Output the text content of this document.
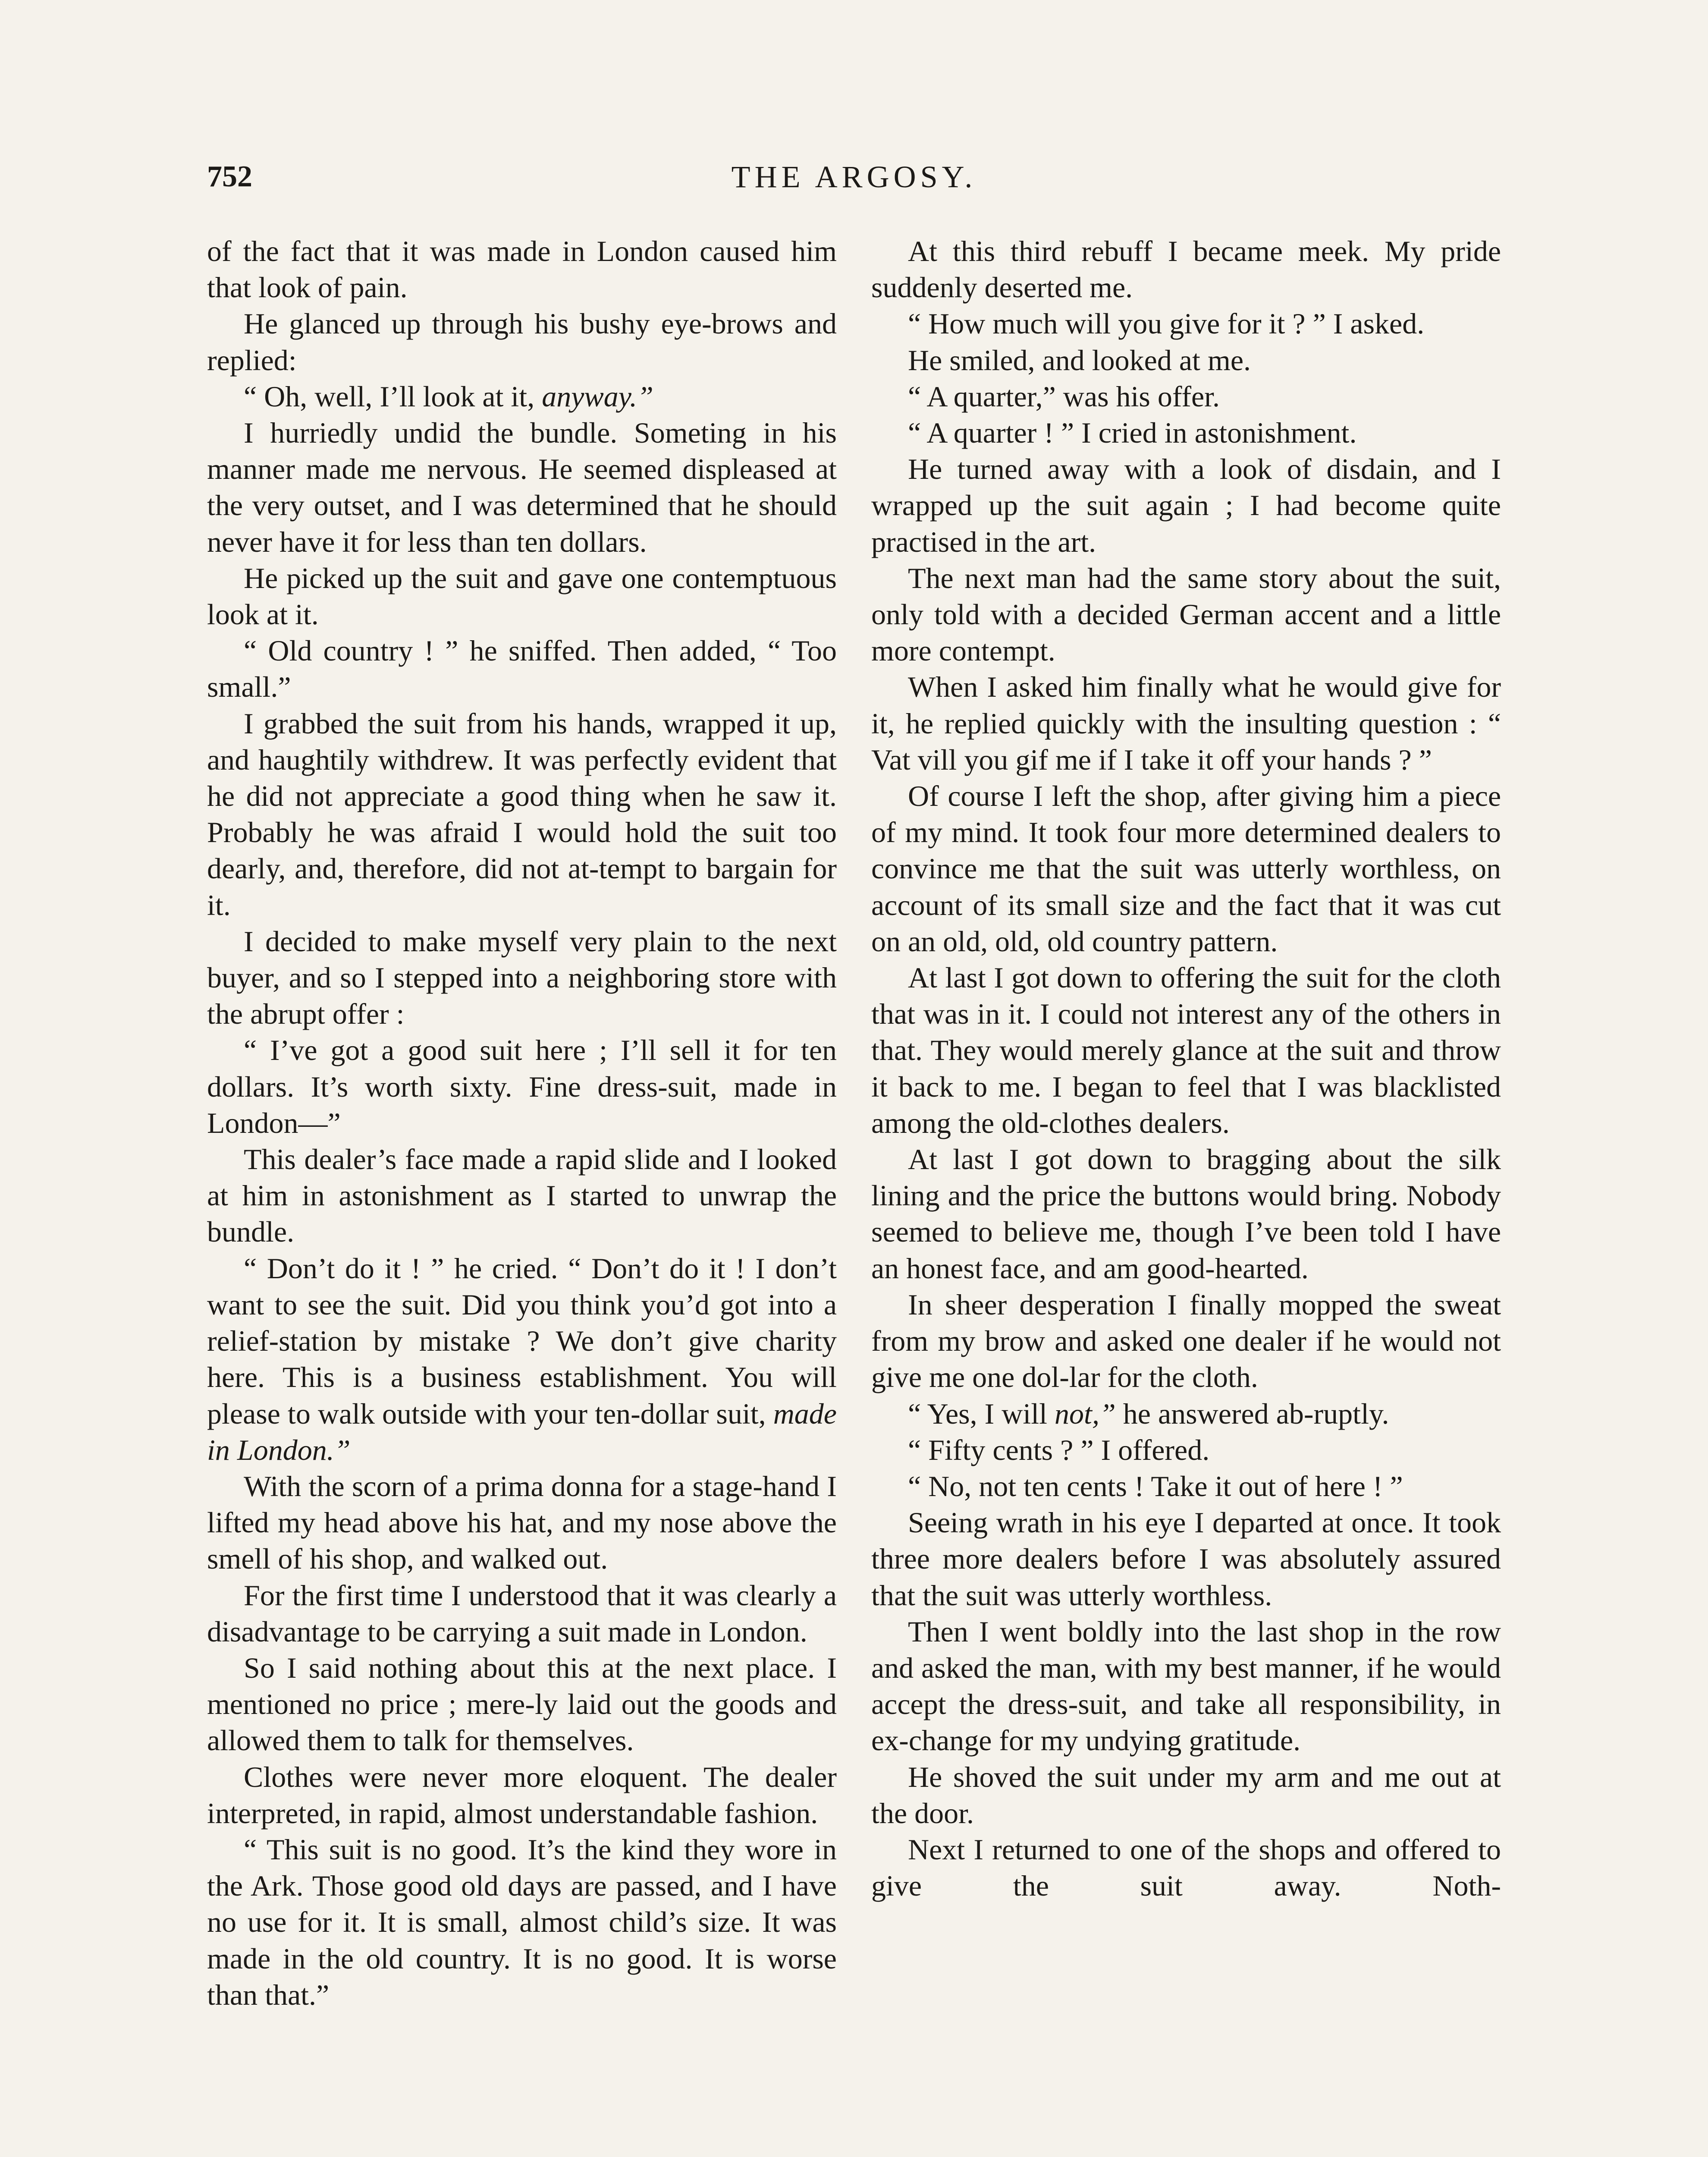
752	THE ARGOSY.

of the fact that it was made in London caused him that look of pain.

He glanced up through his bushy eye-brows and replied:

“ Oh, well, I’ll look at it, anyway.”

I hurriedly undid the bundle. Someting in his manner made me nervous. He seemed displeased at the very outset, and I was determined that he should never have it for less than ten dollars.

He picked up the suit and gave one contemptuous look at it.

“ Old country ! ” he sniffed. Then added, “ Too small.”

I grabbed the suit from his hands, wrapped it up, and haughtily withdrew. It was perfectly evident that he did not appreciate a good thing when he saw it. Probably he was afraid I would hold the suit too dearly, and, therefore, did not at-tempt to bargain for it.

I decided to make myself very plain to the next buyer, and so I stepped into a neighboring store with the abrupt offer :

“ I’ve got a good suit here ; I’ll sell it for ten dollars. It’s worth sixty. Fine dress-suit, made in London—”

This dealer’s face made a rapid slide and I looked at him in astonishment as I started to unwrap the bundle.

“ Don’t do it ! ” he cried. “ Don’t do it ! I don’t want to see the suit. Did you think you’d got into a relief-station by mistake ? We don’t give charity here. This is a business establishment. You will please to walk outside with your ten-dollar suit, made in London.”

With the scorn of a prima donna for a stage-hand I lifted my head above his hat, and my nose above the smell of his shop, and walked out.

For the first time I understood that it was clearly a disadvantage to be carrying a suit made in London.

So I said nothing about this at the next place. I mentioned no price ; mere-ly laid out the goods and allowed them to talk for themselves.

Clothes were never more eloquent. The dealer interpreted, in rapid, almost understandable fashion.

“ This suit is no good. It’s the kind they wore in the Ark. Those good old days are passed, and I have no use for it. It is small, almost child’s size. It was made in the old country. It is no good. It is worse than that.”

At this third rebuff I became meek. My pride suddenly deserted me.

“ How much will you give for it ? ” I asked.

He smiled, and looked at me.

“ A quarter,” was his offer.

“ A quarter ! ” I cried in astonishment.

He turned away with a look of disdain, and I wrapped up the suit again ; I had become quite practised in the art.

The next man had the same story about the suit, only told with a decided German accent and a little more contempt.

When I asked him finally what he would give for it, he replied quickly with the insulting question : “ Vat vill you gif me if I take it off your hands ? ”

Of course I left the shop, after giving him a piece of my mind. It took four more determined dealers to convince me that the suit was utterly worthless, on account of its small size and the fact that it was cut on an old, old, old country pattern.

At last I got down to offering the suit for the cloth that was in it. I could not interest any of the others in that. They would merely glance at the suit and throw it back to me. I began to feel that I was blacklisted among the old-clothes dealers.

At last I got down to bragging about the silk lining and the price the buttons would bring. Nobody seemed to believe me, though I’ve been told I have an honest face, and am good-hearted.

In sheer desperation I finally mopped the sweat from my brow and asked one dealer if he would not give me one dol-lar for the cloth.

“ Yes, I will not,” he answered ab-ruptly.

“ Fifty cents ? ” I offered.

“ No, not ten cents ! Take it out of here ! ”

Seeing wrath in his eye I departed at once. It took three more dealers before I was absolutely assured that the suit was utterly worthless.

Then I went boldly into the last shop in the row and asked the man, with my best manner, if he would accept the dress-suit, and take all responsibility, in ex-change for my undying gratitude.

He shoved the suit under my arm and me out at the door.

Next I returned to one of the shops and offered to give the suit away. Noth-
